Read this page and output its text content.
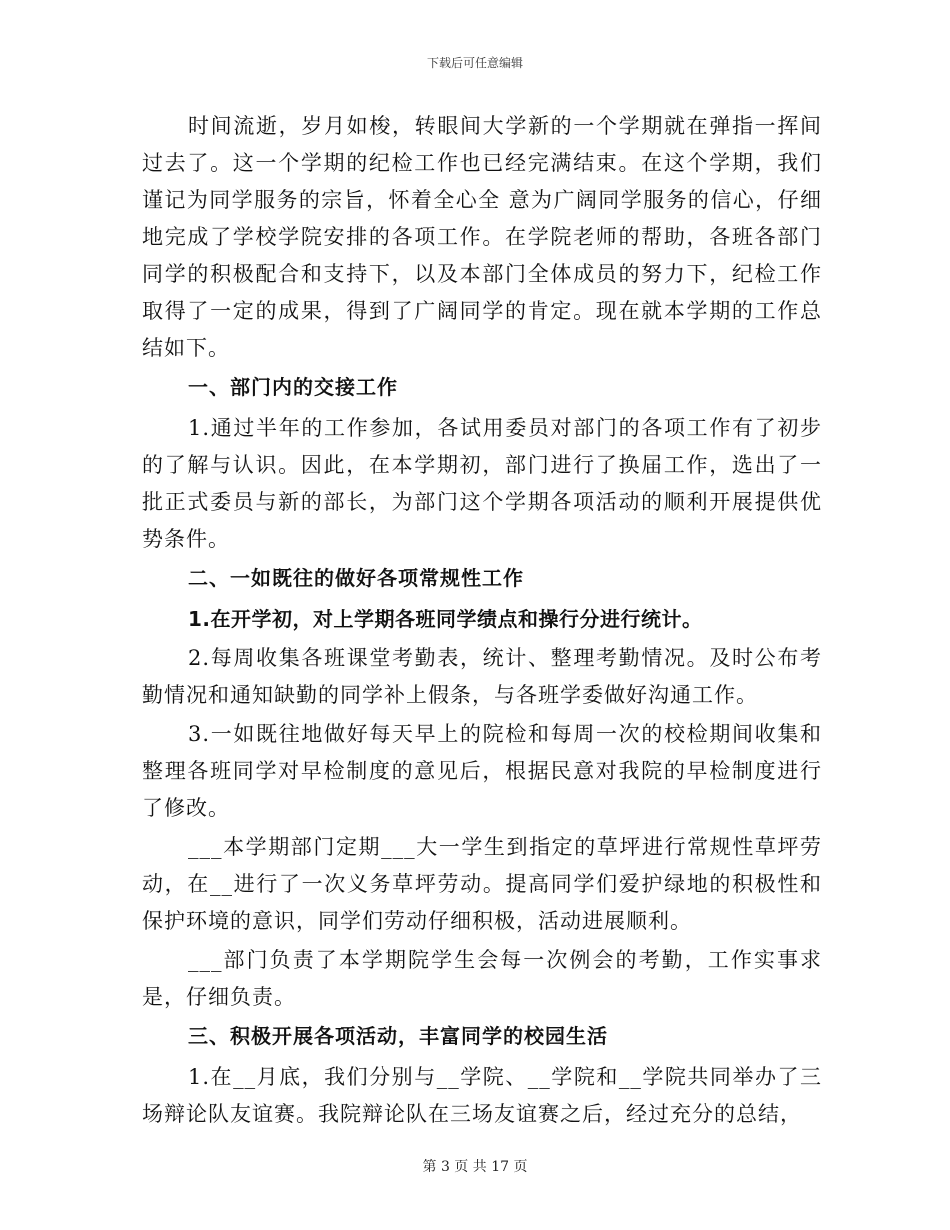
下载后可任意编辑

时间流逝，岁月如梭，转眼间大学新的一个学期就在弹指一挥间过去了。这一个学期的纪检工作也已经完满结束。在这个学期，我们谨记为同学服务的宗旨，怀着全心全 意为广阔同学服务的信心，仔细地完成了学校学院安排的各项工作。在学院老师的帮助，各班各部门同学的积极配合和支持下，以及本部门全体成员的努力下，纪检工作取得了一定的成果，得到了广阔同学的肯定。现在就本学期的工作总结如下。

一、部门内的交接工作

1.通过半年的工作参加，各试用委员对部门的各项工作有了初步的了解与认识。因此，在本学期初，部门进行了换届工作，选出了一批正式委员与新的部长，为部门这个学期各项活动的顺利开展提供优势条件。

二、一如既往的做好各项常规性工作

1.在开学初，对上学期各班同学绩点和操行分进行统计。

2.每周收集各班课堂考勤表，统计、整理考勤情况。及时公布考勤情况和通知缺勤的同学补上假条，与各班学委做好沟通工作。

3.一如既往地做好每天早上的院检和每周一次的校检期间收集和整理各班同学对早检制度的意见后，根据民意对我院的早检制度进行了修改。

___本学期部门定期___大一学生到指定的草坪进行常规性草坪劳动，在__进行了一次义务草坪劳动。提高同学们爱护绿地的积极性和保护环境的意识，同学们劳动仔细积极，活动进展顺利。

___部门负责了本学期院学生会每一次例会的考勤，工作实事求是，仔细负责。

三、积极开展各项活动，丰富同学的校园生活

1.在__月底，我们分别与__学院、__学院和__学院共同举办了三场辩论队友谊赛。我院辩论队在三场友谊赛之后，经过充分的总结，

第 3 页 共 17 页
